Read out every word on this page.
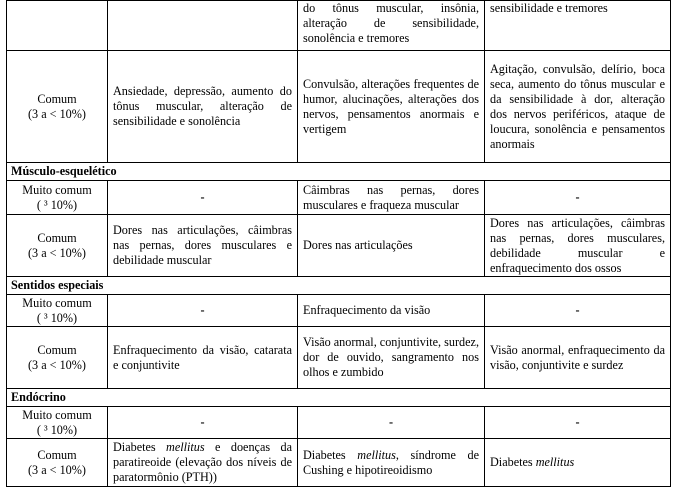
		do tônus muscular, insônia, alteração de sensibilidade, sonolência e tremores	sensibilidade e tremores

Comum
(3 a < 10%)	Ansiedade, depressão, aumento do tônus muscular, alteração de sensibilidade e sonolência	Convulsão, alterações frequentes de humor, alucinações, alterações dos nervos, pensamentos anormais e vertigem	Agitação, convulsão, delírio, boca seca, aumento do tônus muscular e da sensibilidade à dor, alteração dos nervos periféricos, ataque de loucura, sonolência e pensamentos anormais
Músculo-esquelético			

Muito comum
( ³ 10%)	-	Câimbras nas pernas, dores musculares e fraqueza muscular	-

Comum
(3 a < 10%)	Dores nas articulações, câimbras nas pernas, dores musculares e debilidade muscular	Dores nas articulações	Dores nas articulações, câimbras nas pernas, dores musculares, debilidade muscular e enfraquecimento dos ossos
Sentidos especiais			

Muito comum
( ³ 10%)	-	Enfraquecimento da visão	-

Comum
(3 a < 10%)	Enfraquecimento da visão, catarata e conjuntivite	Visão anormal, conjuntivite, surdez, dor de ouvido, sangramento nos olhos e zumbido	Visão anormal, enfraquecimento da visão, conjuntivite e surdez
Endócrino			

Muito comum
( ³ 10%)	-	-	-

Comum
(3 a < 10%)	Diabetes mellitus e doenças da paratireoide (elevação dos níveis de paratormônio (PTH))	Diabetes mellitus, síndrome de Cushing e hipotireoidismo	Diabetes mellitus
